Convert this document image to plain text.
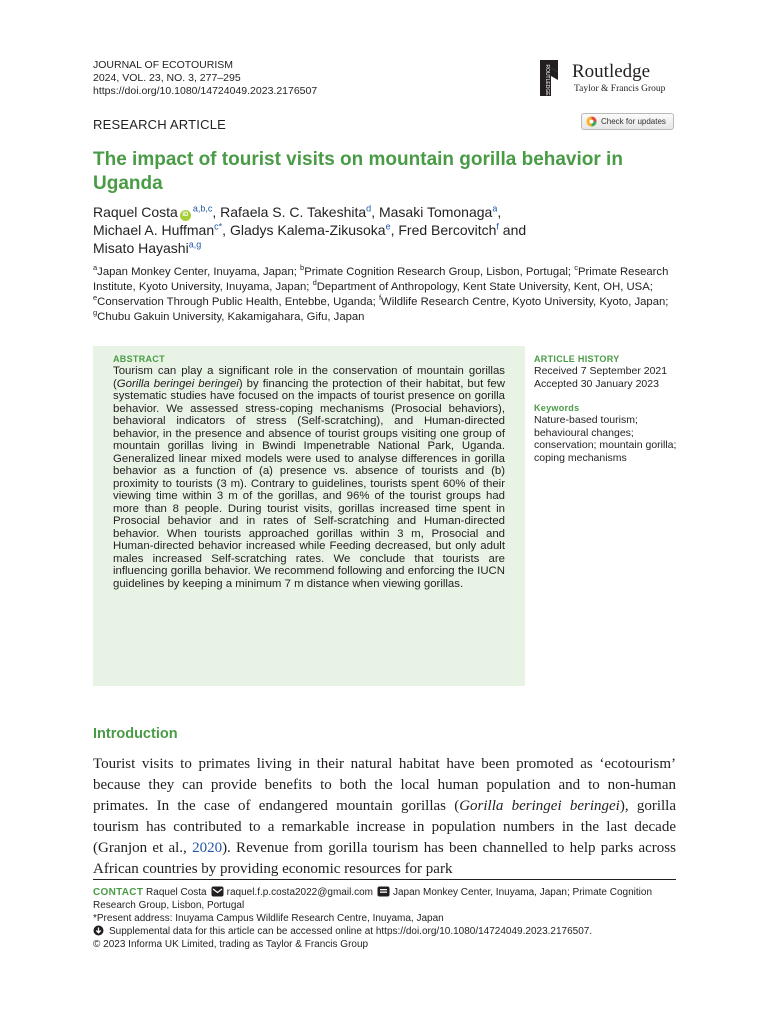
JOURNAL OF ECOTOURISM
2024, VOL. 23, NO. 3, 277–295
https://doi.org/10.1080/14724049.2023.2176507	ROUTLEDGE Routledge
Taylor & Francis Group
RESEARCH ARTICLE	Check for updates
The impact of tourist visits on mountain gorilla behavior in Uganda
Raquel Costa iD$^{a,b,c}$, Rafaela S. C. Takeshita$^d$, Masaki Tomonaga$^a$,
Michael A. Huffman$^{c*}$, Gladys Kalema-Zikusoka$^e$, Fred Bercovitch$^f$ and
Misato Hayashi$^{a,g}$
$^a$Japan Monkey Center, Inuyama, Japan; $^b$Primate Cognition Research Group, Lisbon, Portugal; $^c$Primate Research Institute, Kyoto University, Inuyama, Japan; $^d$Department of Anthropology, Kent State University, Kent, OH, USA; $^e$Conservation Through Public Health, Entebbe, Uganda; $^f$Wildlife Research Centre, Kyoto University, Kyoto, Japan; $^g$Chubu Gakuin University, Kakamigahara, Gifu, Japan
ABSTRACT

Tourism can play a significant role in the conservation of mountain gorillas (Gorilla beringei beringei) by financing the protection of their habitat, but few systematic studies have focused on the impacts of tourist presence on gorilla behavior. We assessed stress-coping mechanisms (Prosocial behaviors), behavioral indicators of stress (Self-scratching), and Human-directed behavior, in the presence and absence of tourist groups visiting one group of mountain gorillas living in Bwindi Impenetrable National Park, Uganda. Generalized linear mixed models were used to analyse differences in gorilla behavior as a function of (a) presence vs. absence of tourists and (b) proximity to tourists (3 m). Contrary to guidelines, tourists spent 60% of their viewing time within 3 m of the gorillas, and 96% of the tourist groups had more than 8 people. During tourist visits, gorillas increased time spent in Prosocial behavior and in rates of Self-scratching and Human-directed behavior. When tourists approached gorillas within 3 m, Prosocial and Human-directed behavior increased while Feeding decreased, but only adult males increased Self-scratching rates. We conclude that tourists are influencing gorilla behavior. We recommend following and enforcing the IUCN guidelines by keeping a minimum 7 m distance when viewing gorillas.

ARTICLE HISTORY
Received 7 September 2021
Accepted 30 January 2023
Keywords
Nature-based tourism; behavioural changes; conservation; mountain gorilla; coping mechanisms
Introduction

Tourist visits to primates living in their natural habitat have been promoted as ‘ecotourism’ because they can provide benefits to both the local human population and to non-human primates. In the case of endangered mountain gorillas (Gorilla beringei beringei), gorilla tourism has contributed to a remarkable increase in population numbers in the last decade (Granjon et al., 2020). Revenue from gorilla tourism has been channelled to help parks across African countries by providing economic resources for park

CONTACT Raquel Costa raquel.f.p.costa2022@gmail.com Japan Monkey Center, Inuyama, Japan; Primate Cognition Research Group, Lisbon, Portugal
*Present address: Inuyama Campus Wildlife Research Centre, Inuyama, Japan
Supplemental data for this article can be accessed online at https://doi.org/10.1080/14724049.2023.2176507.
© 2023 Informa UK Limited, trading as Taylor & Francis Group
